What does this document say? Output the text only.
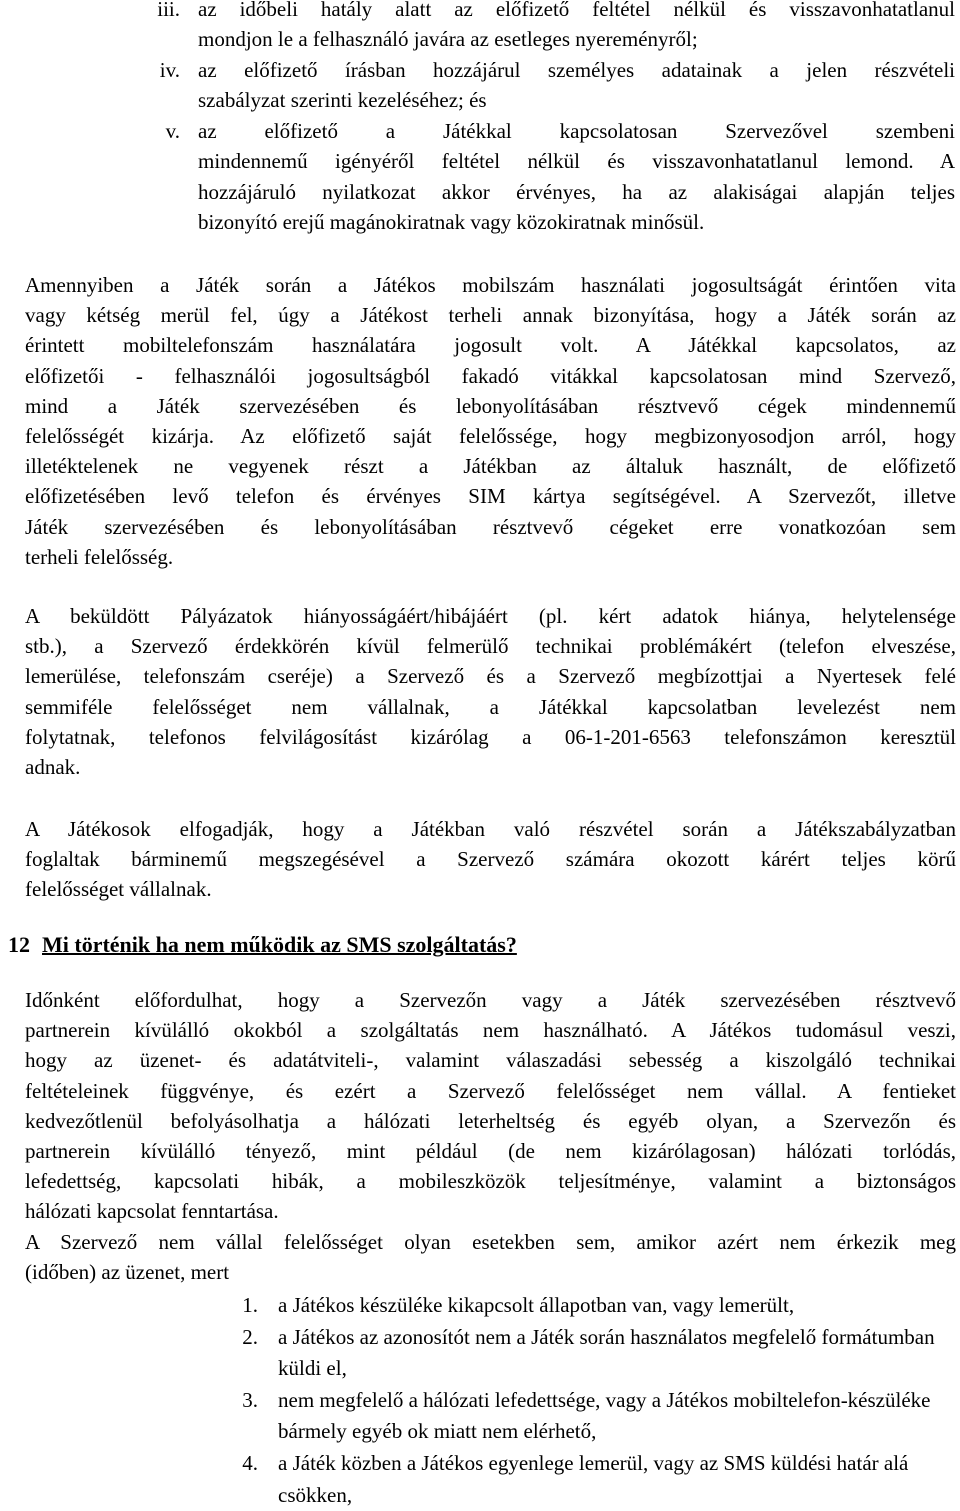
iii. az időbeli hatály alatt az előfizető feltétel nélkül és visszavonhatatlanul
mondjon le a felhasználó javára az esetleges nyereményről;
iv. az előfizető írásban hozzájárul személyes adatainak a jelen részvételi
szabályzat szerinti kezeléséhez; és
v. az előfizető a Játékkal kapcsolatosan Szervezővel szembeni
mindennemű igényéről feltétel nélkül és visszavonhatatlanul lemond. A
hozzájáruló nyilatkozat akkor érvényes, ha az alakiságai alapján teljes
bizonyító erejű magánokiratnak vagy közokiratnak minősül.
Amennyiben a Játék során a Játékos mobilszám használati jogosultságát érintően vita
vagy kétség merül fel, úgy a Játékost terheli annak bizonyítása, hogy a Játék során az
érintett mobiltelefonszám használatára jogosult volt. A Játékkal kapcsolatos, az
előfizetői - felhasználói jogosultságból fakadó vitákkal kapcsolatosan mind Szervező,
mind a Játék szervezésében és lebonyolításában résztvevő cégek mindennemű
felelősségét kizárja. Az előfizető saját felelőssége, hogy megbizonyosodjon arról, hogy
illetéktelenek ne vegyenek részt a Játékban az általuk használt, de előfizető
előfizetésében levő telefon és érvényes SIM kártya segítségével. A Szervezőt, illetve
Játék szervezésében és lebonyolításában résztvevő cégeket erre vonatkozóan sem
terheli felelősség.
A beküldött Pályázatok hiányosságáért/hibájáért (pl. kért adatok hiánya, helytelensége
stb.), a Szervező érdekkörén kívül felmerülő technikai problémákért (telefon elveszése,
lemerülése, telefonszám cseréje) a Szervező és a Szervező megbízottjai a Nyertesek felé
semmiféle felelősséget nem vállalnak, a Játékkal kapcsolatban levelezést nem
folytatnak, telefonos felvilágosítást kizárólag a 06-1-201-6563 telefonszámon keresztül
adnak.
A Játékosok elfogadják, hogy a Játékban való részvétel során a Játékszabályzatban
foglaltak bárminemű megszegésével a Szervező számára okozott kárért teljes körű
felelősséget vállalnak.
12 Mi történik ha nem működik az SMS szolgáltatás?
Időnként előfordulhat, hogy a Szervezőn vagy a Játék szervezésében résztvevő
partnerein kívülálló okokból a szolgáltatás nem használható. A Játékos tudomásul veszi,
hogy az üzenet- és adatátviteli-, valamint válaszadási sebesség a kiszolgáló technikai
feltételeinek függvénye, és ezért a Szervező felelősséget nem vállal. A fentieket
kedvezőtlenül befolyásolhatja a hálózati leterheltség és egyéb olyan, a Szervezőn és
partnerein kívülálló tényező, mint például (de nem kizárólagosan) hálózati torlódás,
lefedettség, kapcsolati hibák, a mobileszközök teljesítménye, valamint a biztonságos
hálózati kapcsolat fenntartása.
A Szervező nem vállal felelősséget olyan esetekben sem, amikor azért nem érkezik meg
(időben) az üzenet, mert
1. a Játékos készüléke kikapcsolt állapotban van, vagy lemerült,
2. a Játékos az azonosítót nem a Játék során használatos megfelelő formátumban küldi el,
3. nem megfelelő a hálózati lefedettsége, vagy a Játékos mobiltelefon-készüléke bármely egyéb ok miatt nem elérhető,
4. a Játék közben a Játékos egyenlege lemerül, vagy az SMS küldési határ alá csökken,
